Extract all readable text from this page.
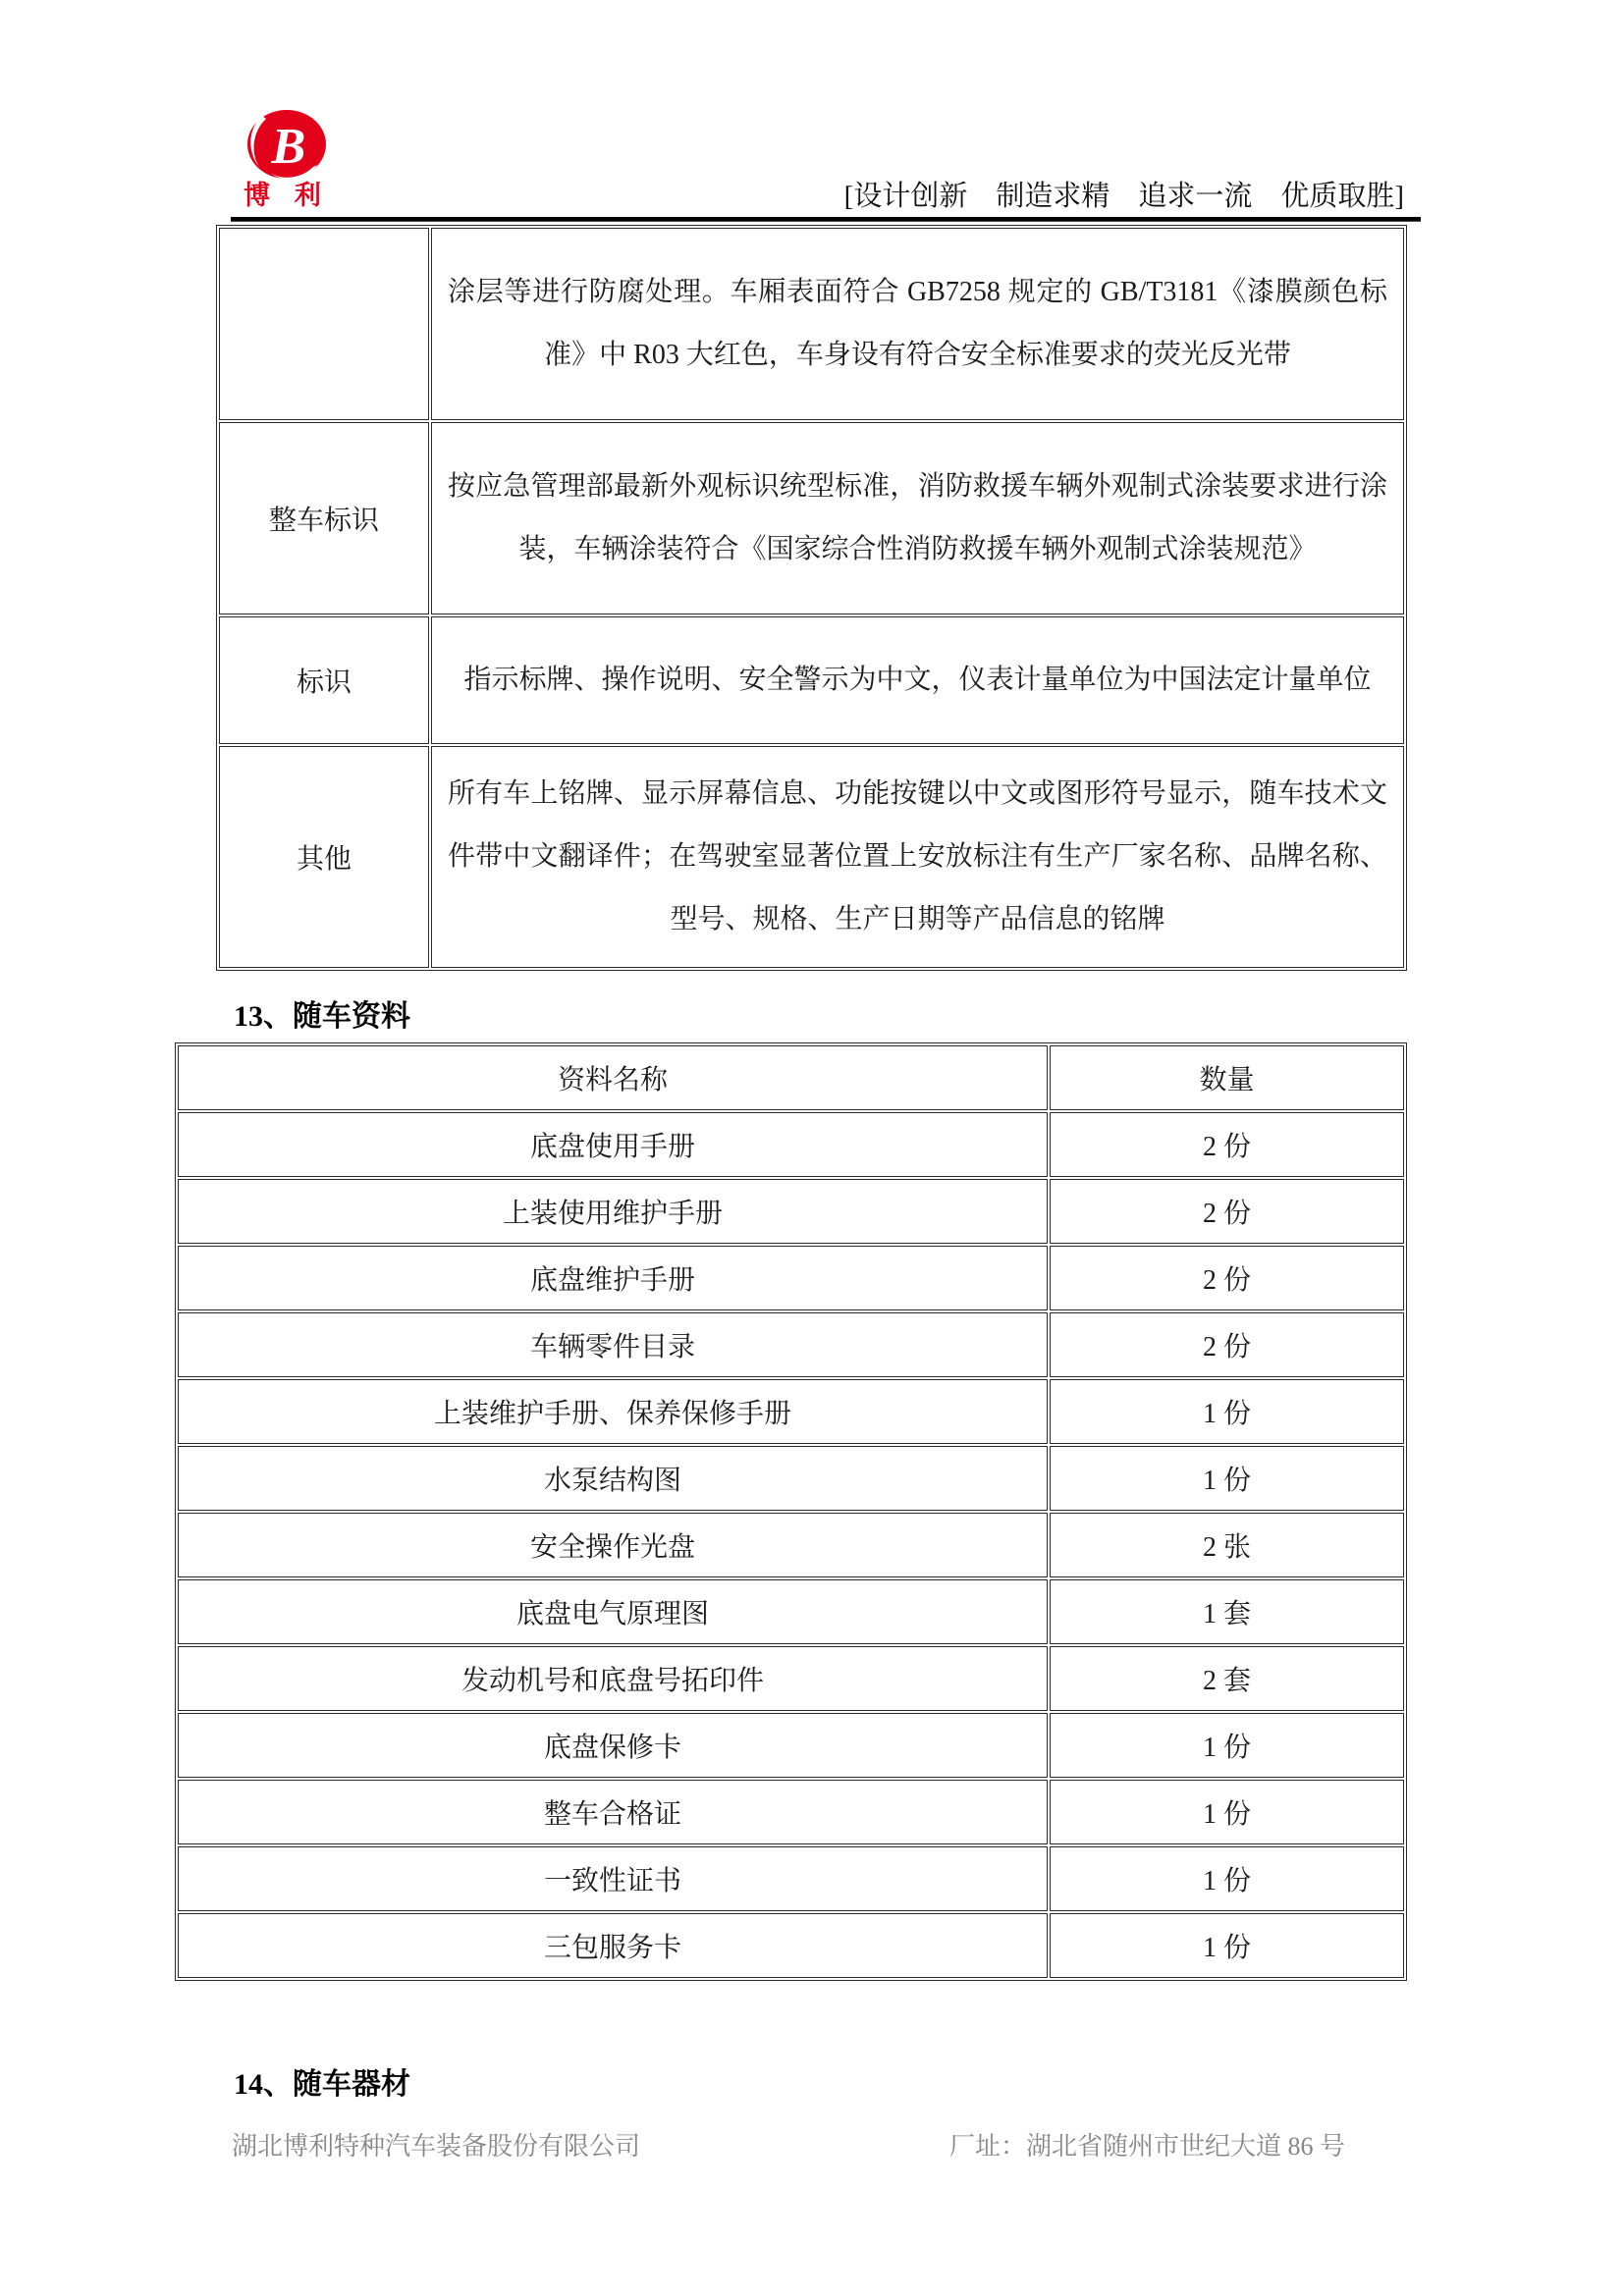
B
博 利	[设计创新　制造求精　追求一流　优质取胜]
	涂层等进行防腐处理。车厢表面符合 GB7258 规定的 GB/T3181《漆膜颜色标准》中 R03 大红色，车身设有符合安全标准要求的荧光反光带
整车标识	按应急管理部最新外观标识统型标准，消防救援车辆外观制式涂装要求进行涂装，车辆涂装符合《国家综合性消防救援车辆外观制式涂装规范》
标识	指示标牌、操作说明、安全警示为中文，仪表计量单位为中国法定计量单位
其他	所有车上铭牌、显示屏幕信息、功能按键以中文或图形符号显示，随车技术文件带中文翻译件；在驾驶室显著位置上安放标注有生产厂家名称、品牌名称、型号、规格、生产日期等产品信息的铭牌
13、随车资料
资料名称	数量
底盘使用手册	2 份
上装使用维护手册	2 份
底盘维护手册	2 份
车辆零件目录	2 份
上装维护手册、保养保修手册	1 份
水泵结构图	1 份
安全操作光盘	2 张
底盘电气原理图	1 套
发动机号和底盘号拓印件	2 套
底盘保修卡	1 份
整车合格证	1 份
一致性证书	1 份
三包服务卡	1 份
14、随车器材
湖北博利特种汽车装备股份有限公司	厂址：湖北省随州市世纪大道 86 号
